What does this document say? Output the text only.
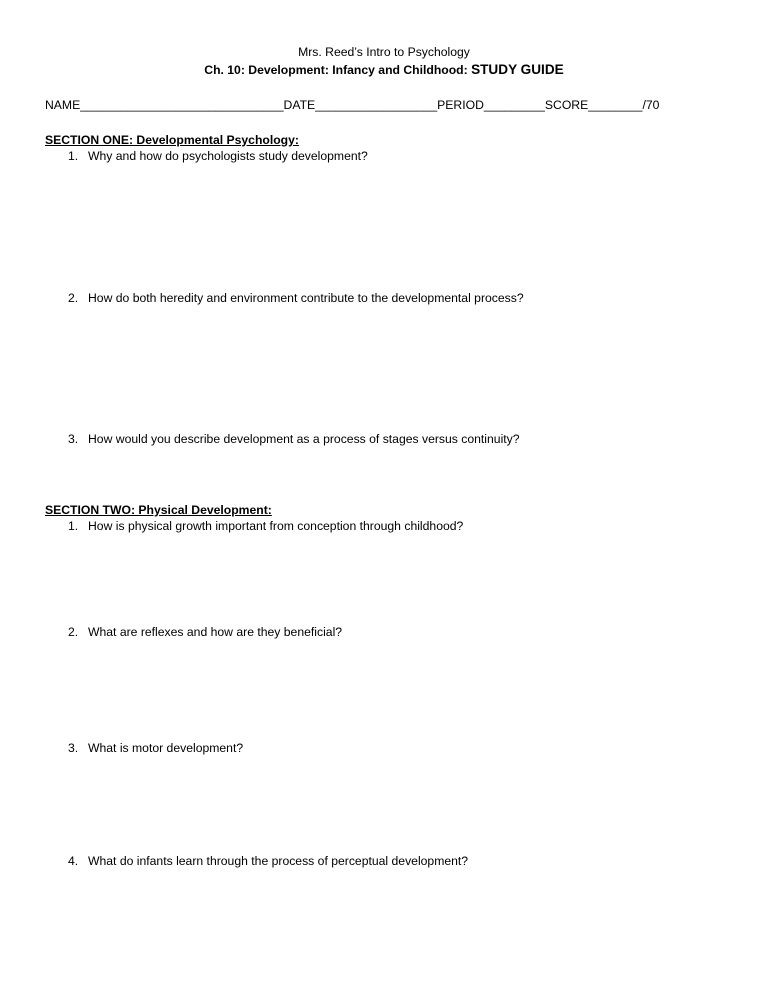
Mrs. Reed’s Intro to Psychology
Ch. 10: Development: Infancy and Childhood: STUDY GUIDE
NAME______________________________DATE__________________PERIOD_________SCORE________/70
SECTION ONE: Developmental Psychology:
1. Why and how do psychologists study development?
2. How do both heredity and environment contribute to the developmental process?
3. How would you describe development as a process of stages versus continuity?
SECTION TWO: Physical Development:
1. How is physical growth important from conception through childhood?
2. What are reflexes and how are they beneficial?
3. What is motor development?
4. What do infants learn through the process of perceptual development?
